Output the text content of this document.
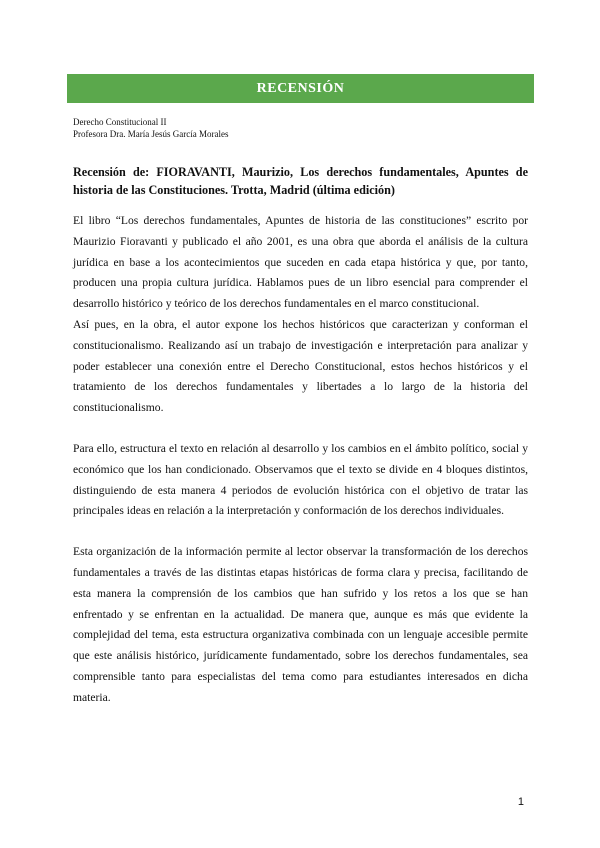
RECENSIÓN
Derecho Constitucional II
Profesora Dra. María Jesús García Morales
Recensión de: FIORAVANTI, Maurizio, Los derechos fundamentales, Apuntes de historia de las Constituciones. Trotta, Madrid (última edición)

El libro “Los derechos fundamentales, Apuntes de historia de las constituciones” escrito por Maurizio Fioravanti y publicado el año 2001, es una obra que aborda el análisis de la cultura jurídica en base a los acontecimientos que suceden en cada etapa histórica y que, por tanto, producen una propia cultura jurídica. Hablamos pues de un libro esencial para comprender el desarrollo histórico y teórico de los derechos fundamentales en el marco constitucional.

Así pues, en la obra, el autor expone los hechos históricos que caracterizan y conforman el constitucionalismo. Realizando así un trabajo de investigación e interpretación para analizar y poder establecer una conexión entre el Derecho Constitucional, estos hechos históricos y el tratamiento de los derechos fundamentales y libertades a lo largo de la historia del constitucionalismo.

Para ello, estructura el texto en relación al desarrollo y los cambios en el ámbito político, social y económico que los han condicionado. Observamos que el texto se divide en 4 bloques distintos, distinguiendo de esta manera 4 periodos de evolución histórica con el objetivo de tratar las principales ideas en relación a la interpretación y conformación de los derechos individuales.

Esta organización de la información permite al lector observar la transformación de los derechos fundamentales a través de las distintas etapas históricas de forma clara y precisa, facilitando de esta manera la comprensión de los cambios que han sufrido y los retos a los que se han enfrentado y se enfrentan en la actualidad. De manera que, aunque es más que evidente la complejidad del tema, esta estructura organizativa combinada con un lenguaje accesible permite que este análisis histórico, jurídicamente fundamentado, sobre los derechos fundamentales, sea comprensible tanto para especialistas del tema como para estudiantes interesados en dicha materia.

1
